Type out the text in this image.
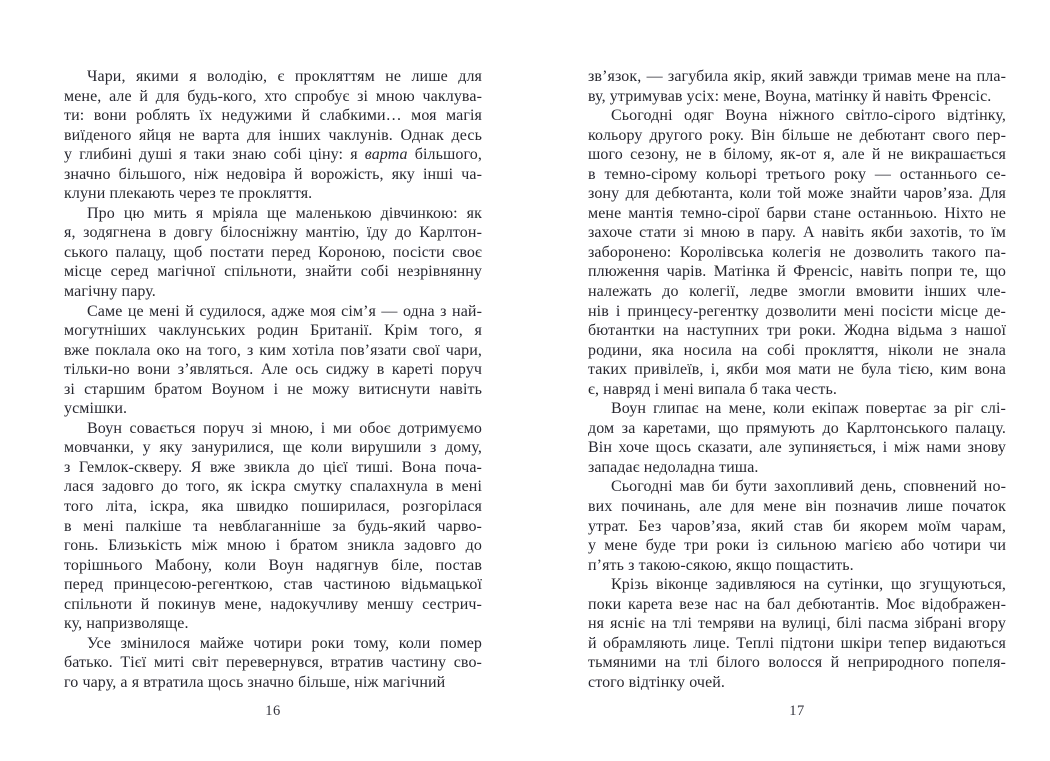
Чари, якими я володію, є прокляттям не лише для
мене, але й для будь-кого, хто спробує зі мною чаклува-
ти: вони роблять їх недужими й слабкими… моя магія
виїденого яйця не варта для інших чаклунів. Однак десь
у глибині душі я таки знаю собі ціну: я варта більшого,
значно більшого, ніж недовіра й ворожість, яку інші ча-
клуни плекають через те прокляття.
Про цю мить я мріяла ще маленькою дівчинкою: як
я, зодягнена в довгу білосніжну мантію, їду до Карлтон-
ського палацу, щоб постати перед Короною, посісти своє
місце серед магічної спільноти, знайти собі незрівнянну
магічну пару.
Саме це мені й судилося, адже моя сім’я — одна з най-
могутніших чаклунських родин Британії. Крім того, я
вже поклала око на того, з ким хотіла пов’язати свої чари,
тільки-но вони з’являться. Але ось сиджу в кареті поруч
зі старшим братом Воуном і не можу витиснути навіть
усмішки.
Воун совається поруч зі мною, і ми обоє дотримуємо
мовчанки, у яку занурилися, ще коли вирушили з дому,
з Гемлок-скверу. Я вже звикла до цієї тиші. Вона поча-
лася задовго до того, як іскра смутку спалахнула в мені
того літа, іскра, яка швидко поширилася, розгорілася
в мені палкіше та невблаганніше за будь-який чарво-
гонь. Близькість між мною і братом зникла задовго до
торішнього Мабону, коли Воун надягнув біле, постав
перед принцесою-регенткою, став частиною відьмацької
спільноти й покинув мене, надокучливу меншу сестрич-
ку, напризволяще.
Усе змінилося майже чотири роки тому, коли помер
батько. Тієї миті світ перевернувся, втратив частину сво-
го чару, а я втратила щось значно більше, ніж магічний
16
зв’язок, — загубила якір, який завжди тримав мене на пла-
ву, утримував усіх: мене, Воуна, матінку й навіть Френсіс.
Сьогодні одяг Воуна ніжного світло-сірого відтінку,
кольору другого року. Він більше не дебютант свого пер-
шого сезону, не в білому, як-от я, але й не викрашається
в темно-сірому кольорі третього року — останнього се-
зону для дебютанта, коли той може знайти чаров’яза. Для
мене мантія темно-сірої барви стане останньою. Ніхто не
захоче стати зі мною в пару. А навіть якби захотів, то їм
заборонено: Королівська колегія не дозволить такого па-
плюження чарів. Матінка й Френсіс, навіть попри те, що
належать до колегії, ледве змогли вмовити інших чле-
нів і принцесу-регентку дозволити мені посісти місце де-
бютантки на наступних три роки. Жодна відьма з нашої
родини, яка носила на собі прокляття, ніколи не знала
таких привілеїв, і, якби моя мати не була тією, ким вона
є, навряд і мені випала б така честь.
Воун глипає на мене, коли екіпаж повертає за ріг слі-
дом за каретами, що прямують до Карлтонського палацу.
Він хоче щось сказати, але зупиняється, і між нами знову
западає недоладна тиша.
Сьогодні мав би бути захопливий день, сповнений но-
вих починань, але для мене він позначив лише початок
утрат. Без чаров’яза, який став би якорем моїм чарам,
у мене буде три роки із сильною магією або чотири чи
п’ять з такою-сякою, якщо пощастить.
Крізь віконце задивляюся на сутінки, що згущуються,
поки карета везе нас на бал дебютантів. Моє відображен-
ня ясніє на тлі темряви на вулиці, білі пасма зібрані вгору
й обрамляють лице. Теплі підтони шкіри тепер видаються
тьмяними на тлі білого волосся й неприродного попеля-
стого відтінку очей.
17
